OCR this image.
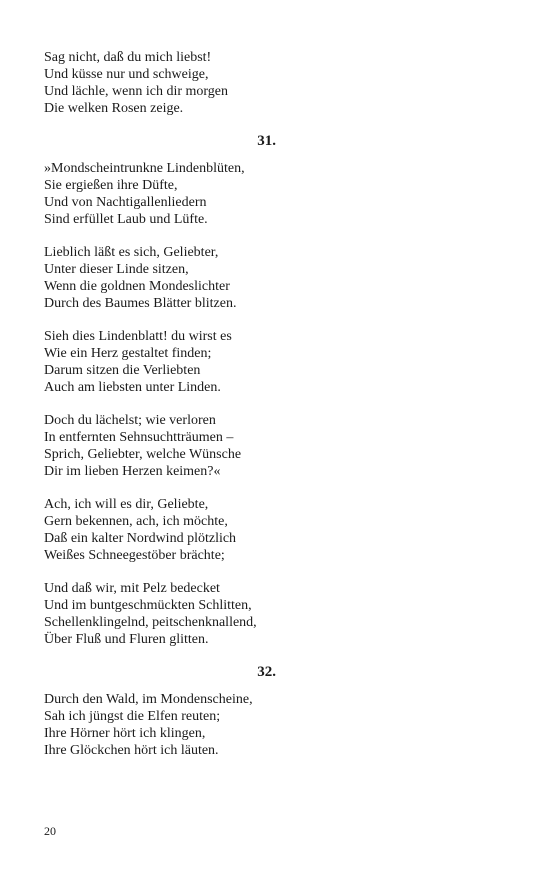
Sag nicht, daß du mich liebst!
Und küsse nur und schweige,
Und lächle, wenn ich dir morgen
Die welken Rosen zeige.
31.
»Mondscheintrunkne Lindenblüten,
Sie ergießen ihre Düfte,
Und von Nachtigallenliedern
Sind erfüllet Laub und Lüfte.
Lieblich läßt es sich, Geliebter,
Unter dieser Linde sitzen,
Wenn die goldnen Mondeslichter
Durch des Baumes Blätter blitzen.
Sieh dies Lindenblatt! du wirst es
Wie ein Herz gestaltet finden;
Darum sitzen die Verliebten
Auch am liebsten unter Linden.
Doch du lächelst; wie verloren
In entfernten Sehnsuchtträumen –
Sprich, Geliebter, welche Wünsche
Dir im lieben Herzen keimen?«
Ach, ich will es dir, Geliebte,
Gern bekennen, ach, ich möchte,
Daß ein kalter Nordwind plötzlich
Weißes Schneegestöber brächte;
Und daß wir, mit Pelz bedecket
Und im buntgeschmückten Schlitten,
Schellenklingelnd, peitschenknallend,
Über Fluß und Fluren glitten.
32.
Durch den Wald, im Mondenscheine,
Sah ich jüngst die Elfen reuten;
Ihre Hörner hört ich klingen,
Ihre Glöckchen hört ich läuten.
20
